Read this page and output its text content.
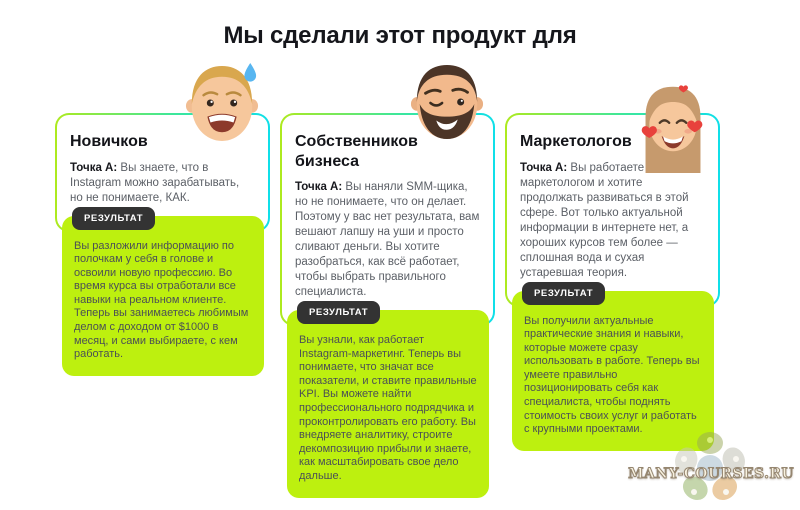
Мы сделали этот продукт для
Новичков

Точка А: Вы знаете, что в Instagram можно зарабатывать, но не понимаете, КАК.

РЕЗУЛЬТАТ

Вы разложили информацию по полочкам у себя в голове и освоили новую профессию. Во время курса вы отработали все навыки на реальном клиенте. Теперь вы занимаетесь любимым делом с доходом от $1000 в месяц, и сами выбираете, с кем работать.

Собственников бизнеса

Точка А: Вы наняли SMM-щика, но не понимаете, что он делает. Поэтому у вас нет результата, вам вешают лапшу на уши и просто сливают деньги. Вы хотите разобраться, как всё работает, чтобы выбрать правильного специалиста.

РЕЗУЛЬТАТ

Вы узнали, как работает Instagram-маркетинг. Теперь вы понимаете, что значат все показатели, и ставите правильные KPI. Вы можете найти профессионального подрядчика и проконтролировать его работу. Вы внедряете аналитику, строите декомпозицию прибыли и знаете, как масштабировать свое дело дальше.

Маркетологов

Точка А: Вы работаете маркетологом и хотите продолжать развиваться в этой сфере. Вот только актуальной информации в интернете нет, а хороших курсов тем более — сплошная вода и сухая устаревшая теория.

РЕЗУЛЬТАТ

Вы получили актуальные практические знания и навыки, которые можете сразу использовать в работе. Теперь вы умеете правильно позиционировать себя как специалиста, чтобы поднять стоимость своих услуг и работать с крупными проектами.

MANY-COURSES.RU
